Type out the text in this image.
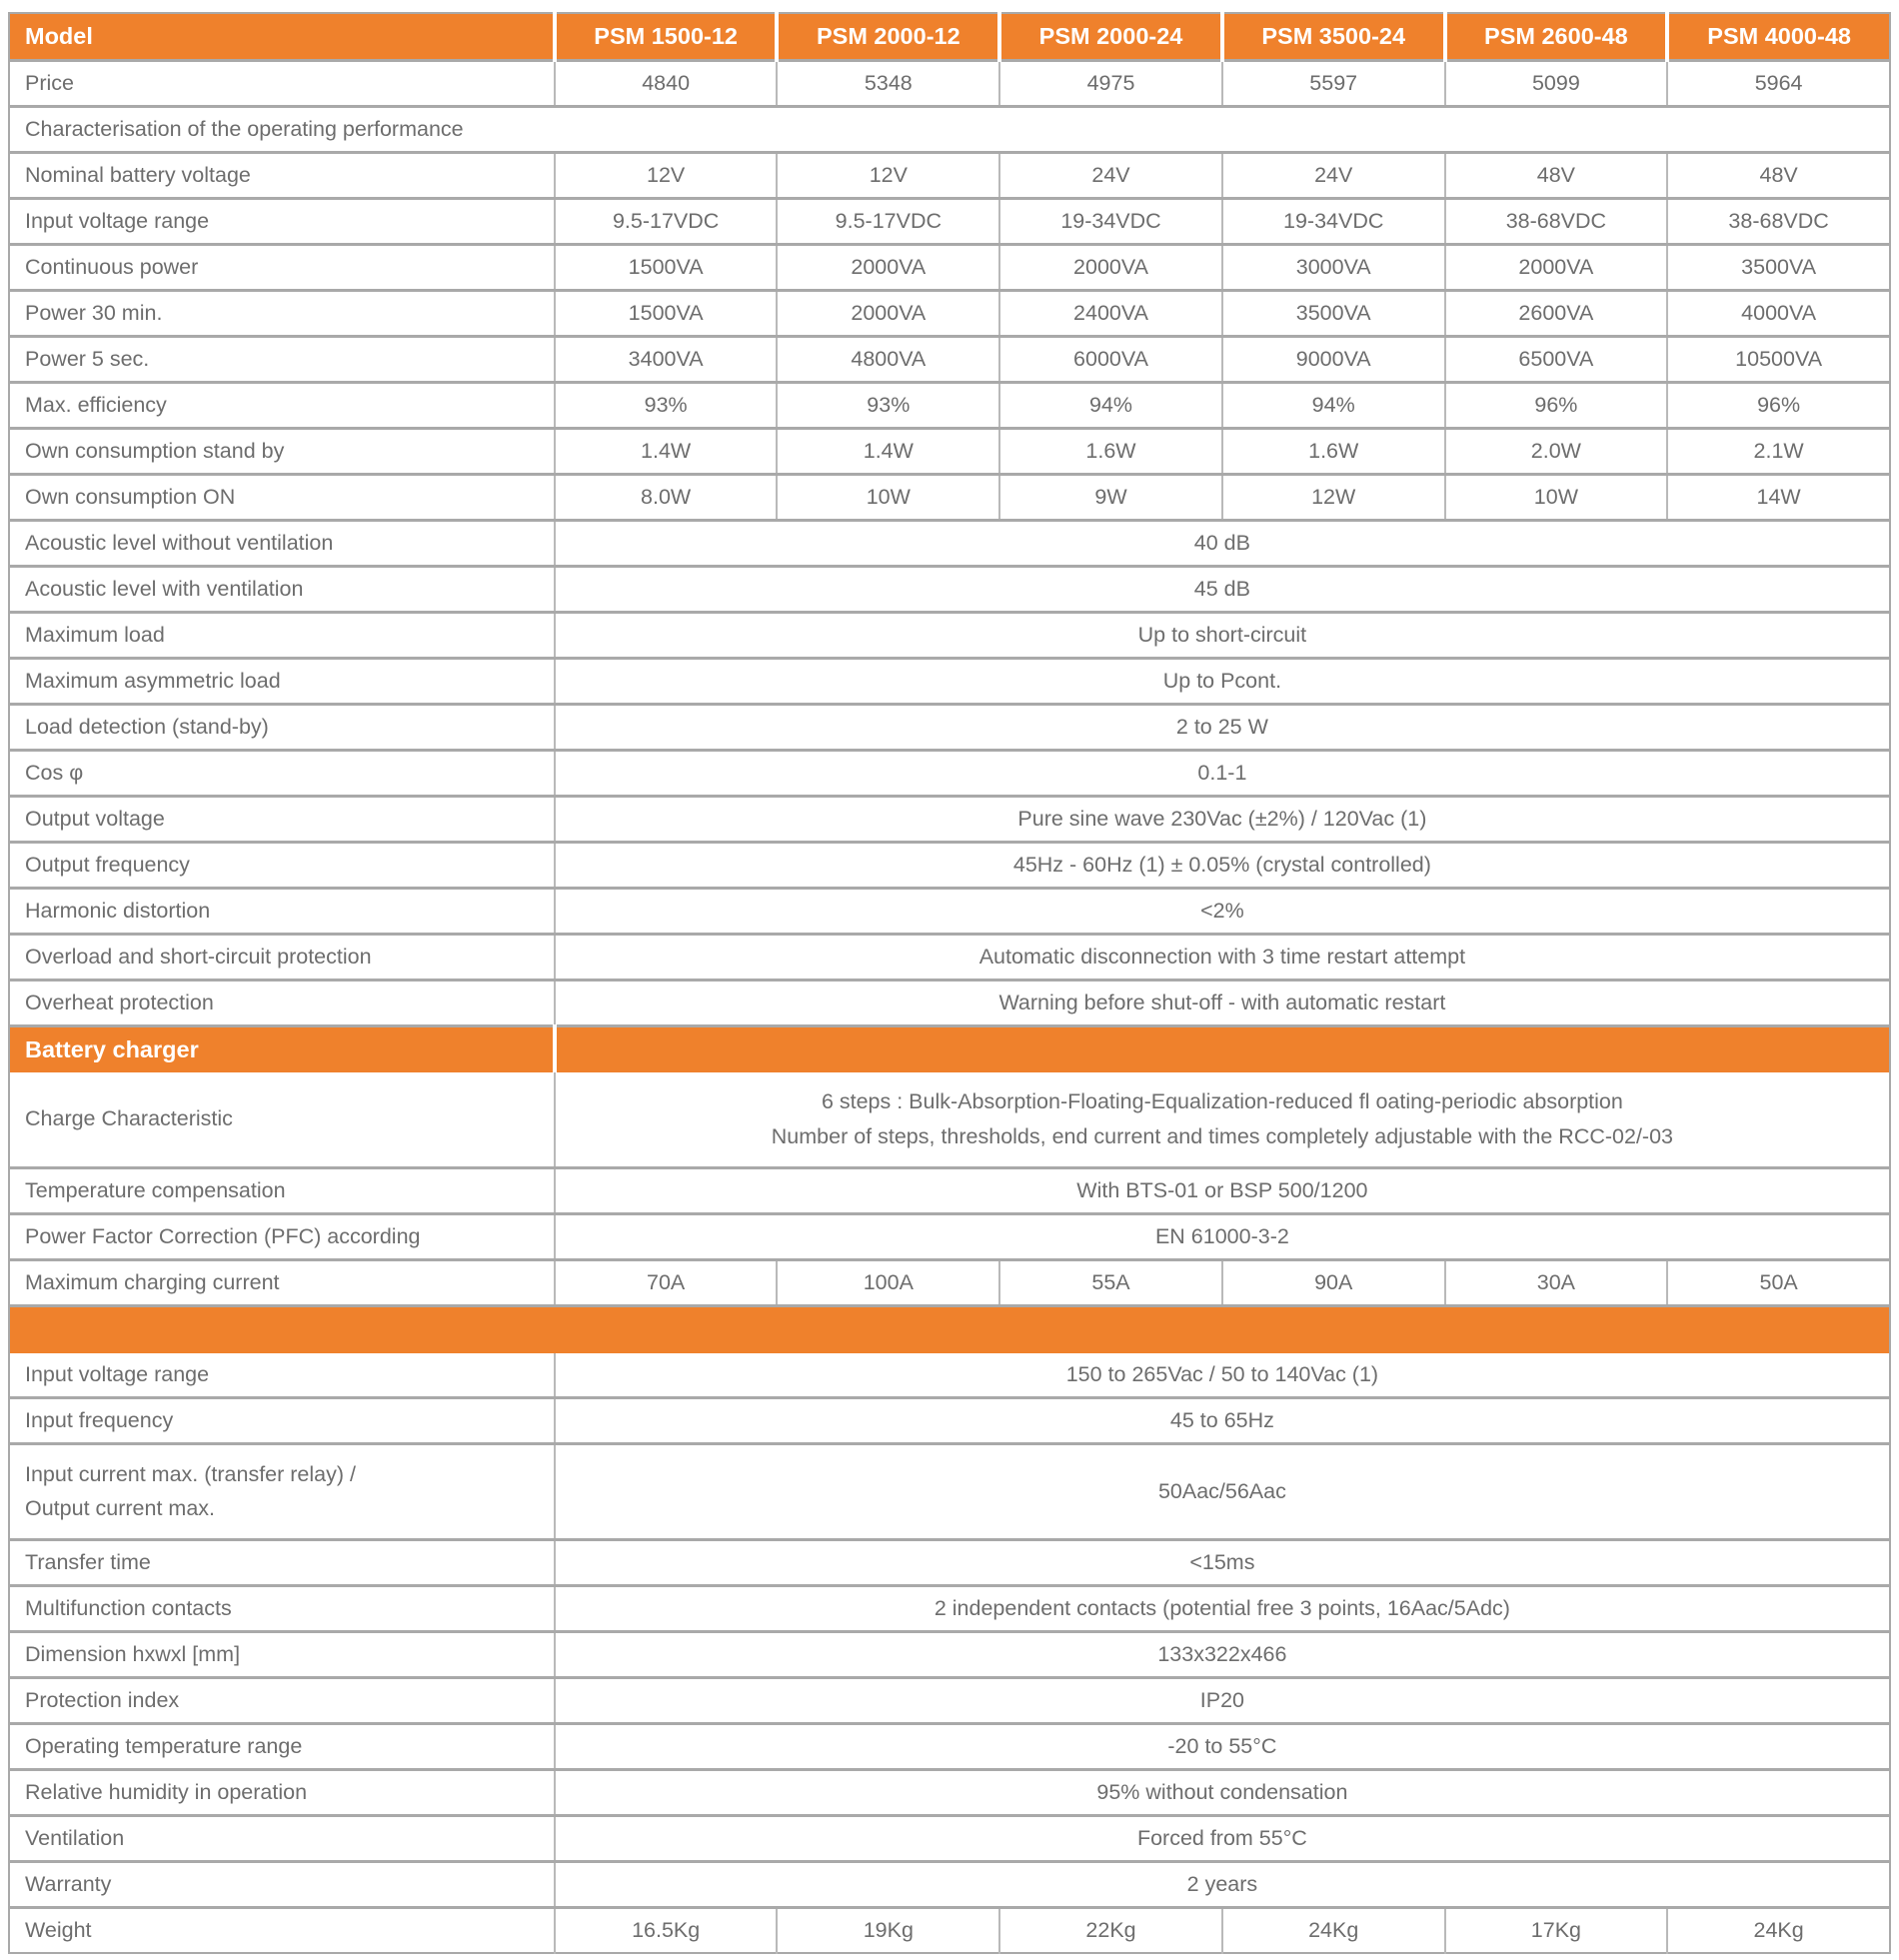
Model	PSM 1500-12	PSM 2000-12	PSM 2000-24	PSM 3500-24	PSM 2600-48	PSM 4000-48
Price	4840	5348	4975	5597	5099	5964
Characterisation of the operating performance						
Nominal battery voltage	12V	12V	24V	24V	48V	48V
Input voltage range	9.5-17VDC	9.5-17VDC	19-34VDC	19-34VDC	38-68VDC	38-68VDC
Continuous power	1500VA	2000VA	2000VA	3000VA	2000VA	3500VA
Power 30 min.	1500VA	2000VA	2400VA	3500VA	2600VA	4000VA
Power 5 sec.	3400VA	4800VA	6000VA	9000VA	6500VA	10500VA
Max. efficiency	93%	93%	94%	94%	96%	96%
Own consumption stand by	1.4W	1.4W	1.6W	1.6W	2.0W	2.1W
Own consumption ON	8.0W	10W	9W	12W	10W	14W
Acoustic level without ventilation	40 dB					
Acoustic level with ventilation	45 dB					
Maximum load	Up to short-circuit					
Maximum asymmetric load	Up to Pcont.					
Load detection (stand-by)	2 to 25 W					
Cos φ	0.1-1					
Output voltage	Pure sine wave 230Vac (±2%) / 120Vac (1)					
Output frequency	45Hz - 60Hz (1) ± 0.05% (crystal controlled)					
Harmonic distortion	<2%					
Overload and short-circuit protection	Automatic disconnection with 3 time restart attempt					
Overheat protection	Warning before shut-off - with automatic restart					
Battery charger						
Charge Characteristic	6 steps : Bulk-Absorption-Floating-Equalization-reduced fl oating-periodic absorption
Number of steps, thresholds, end current and times completely adjustable with the RCC-02/-03					

Temperature compensation	With BTS-01 or BSP 500/1200					
Power Factor Correction (PFC) according	EN 61000-3-2					
Maximum charging current	70A	100A	55A	90A	30A	50A

Input voltage range	150 to 265Vac / 50 to 140Vac (1)					
Input frequency	45 to 65Hz					

Input current max. (transfer relay) /
Output current max.	50Aac/56Aac					
Transfer time	<15ms					
Multifunction contacts	2 independent contacts (potential free 3 points, 16Aac/5Adc)					
Dimension hxwxl [mm]	133x322x466					
Protection index	IP20					
Operating temperature range	-20 to 55°C					
Relative humidity in operation	95% without condensation					
Ventilation	Forced from 55°C					
Warranty	2 years					
Weight	16.5Kg	19Kg	22Kg	24Kg	17Kg	24Kg
